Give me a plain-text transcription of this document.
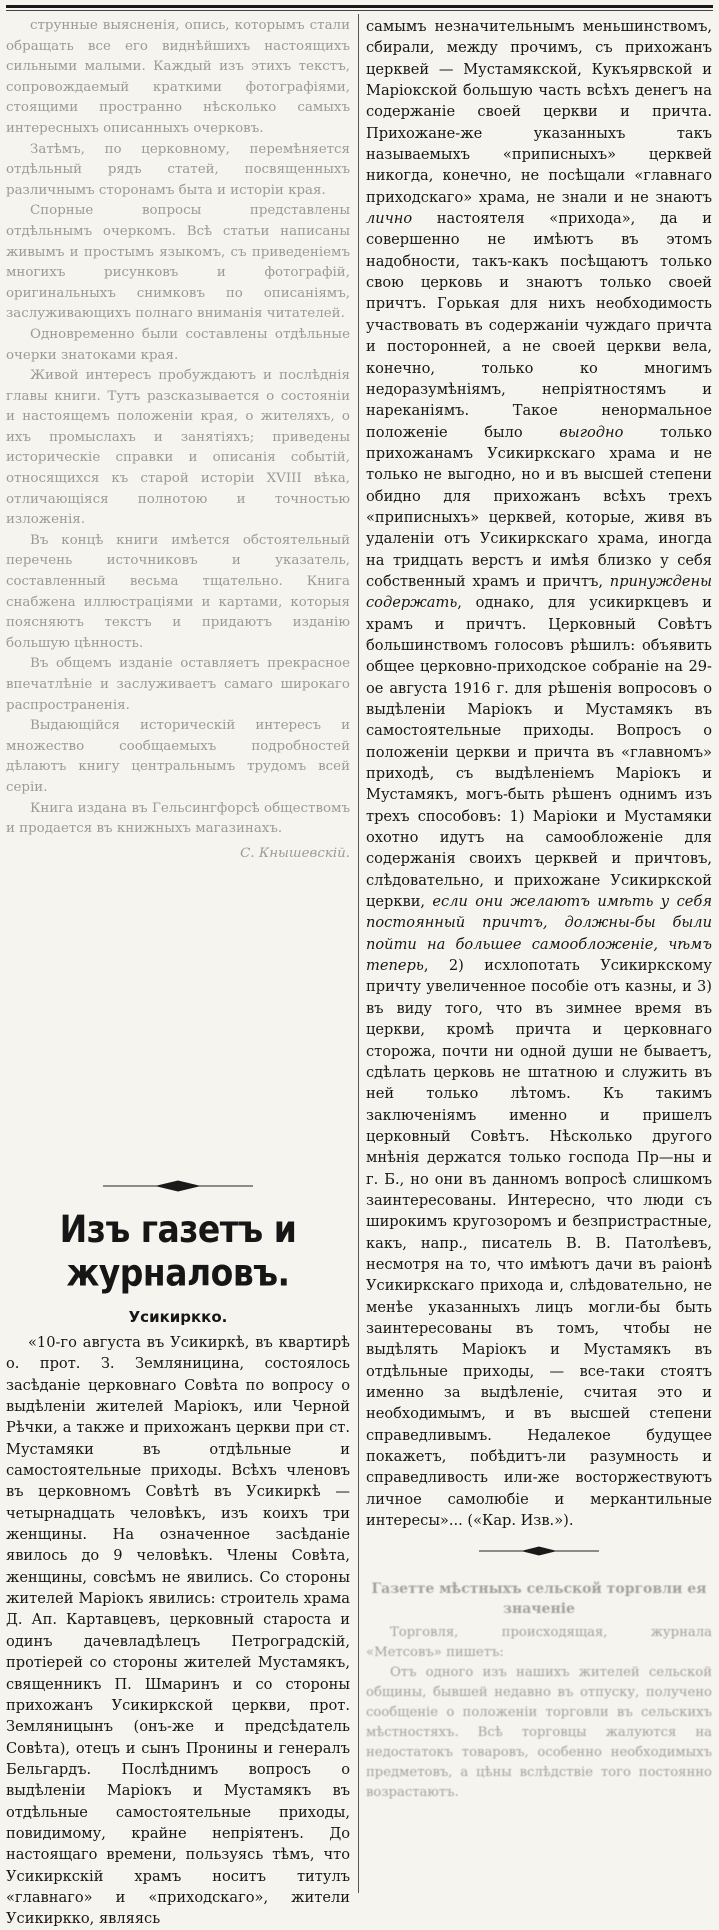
струнные выясненія, опись, которымъ стали обращать все его виднѣйшихъ настоящихъ сильными малыми. Каждый изъ этихъ текстъ, сопровождаемый краткими фотографіями, стоящими пространно нѣсколько самыхъ интересныхъ описанныхъ очерковъ.

Затѣмъ, по церковному, перемѣняется отдѣльный рядъ статей, посвященныхъ различнымъ сторонамъ быта и исторіи края.

Спорные вопросы представлены отдѣльнымъ очеркомъ. Всѣ статьи написаны живымъ и простымъ языкомъ, съ приведеніемъ многихъ рисунковъ и фотографій, оригинальныхъ снимковъ по описаніямъ, заслуживающихъ полнаго вниманія читателей.

Одновременно были составлены отдѣльные очерки знатоками края.

Живой интересъ пробуждаютъ и послѣднія главы книги. Тутъ разсказывается о состояніи и настоящемъ положеніи края, о жителяхъ, о ихъ промыслахъ и занятіяхъ; приведены историческіе справки и описанія событій, относящихся къ старой исторіи XVIII вѣка, отличающіяся полнотою и точностью изложенія.

Въ концѣ книги имѣется обстоятельный перечень источниковъ и указатель, составленный весьма тщательно. Книга снабжена иллюстраціями и картами, которыя поясняютъ текстъ и придаютъ изданію большую цѣнность.

Въ общемъ изданіе оставляетъ прекрасное впечатлѣніе и заслуживаетъ самаго широкаго распространенія.

Выдающійся историческій интересъ и множество сообщаемыхъ подробностей дѣлаютъ книгу центральнымъ трудомъ всей серіи.

Книга издана въ Гельсингфорсѣ обществомъ и продается въ книжныхъ магазинахъ.

С. Кнышевскій.
Изъ газетъ и журналовъ.
Усикиркко.

«10-го августа въ Усикиркѣ, въ квартирѣ о. прот. З. Земляницина, состоялось засѣданіе церковнаго Совѣта по вопросу о выдѣленіи жителей Маріокъ, или Черной Рѣчки, а также и прихожанъ церкви при ст. Мустамяки въ отдѣльные и самостоятельные приходы. Всѣхъ членовъ въ церковномъ Совѣтѣ въ Усикиркѣ — четырнадцать человѣкъ, изъ коихъ три женщины. На означенное засѣданіе явилось до 9 человѣкъ. Члены Совѣта, женщины, совсѣмъ не явились. Со стороны жителей Маріокъ явились: строитель храма Д. Ап. Картавцевъ, церковный староста и одинъ дачевладѣлецъ Петроградскій, протіерей со стороны жителей Мустамякъ, священникъ П. Шмаринъ и со стороны прихожанъ Усикиркской церкви, прот. Земляницынъ (онъ-же и предсѣдатель Совѣта), отецъ и сынъ Пронины и генералъ Бельгардъ. Послѣднимъ вопросъ о выдѣленіи Маріокъ и Мустамякъ въ отдѣльные самостоятельные приходы, повидимому, крайне непріятенъ. До настоящаго времени, пользуясь тѣмъ, что Усикиркскій храмъ носитъ титулъ «главнаго» и «приходскаго», жители Усикиркко, являясь

самымъ незначительнымъ меньшинствомъ, сбирали, между прочимъ, съ прихожанъ церквей — Мустамякской, Кукъярвской и Маріокской большую часть всѣхъ денегъ на содержаніе своей церкви и причта. Прихожане-же указанныхъ такъ называемыхъ «приписныхъ» церквей никогда, конечно, не посѣщали «главнаго приходскаго» храма, не знали и не знаютъ лично настоятеля «прихода», да и совершенно не имѣютъ въ этомъ надобности, такъ-какъ посѣщаютъ только свою церковь и знаютъ только своей причтъ. Горькая для нихъ необходимость участвовать въ содержаніи чуждаго причта и посторонней, а не своей церкви вела, конечно, только ко многимъ недоразумѣніямъ, непріятностямъ и нареканіямъ. Такое ненормальное положеніе было выгодно только прихожанамъ Усикиркскаго храма и не только не выгодно, но и въ высшей степени обидно для прихожанъ всѣхъ трехъ «приписныхъ» церквей, которые, живя въ удаленіи отъ Усикиркскаго храма, иногда на тридцать верстъ и имѣя близко у себя собственный храмъ и причтъ, принуждены содержать, однако, для усикиркцевъ и храмъ и причтъ. Церковный Совѣтъ большинствомъ голосовъ рѣшилъ: объявить общее церковно-приходское собраніе на 29-ое августа 1916 г. для рѣшенія вопросовъ о выдѣленіи Маріокъ и Мустамякъ въ самостоятельные приходы. Вопросъ о положеніи церкви и причта въ «главномъ» приходѣ, съ выдѣленіемъ Маріокъ и Мустамякъ, могъ-быть рѣшенъ однимъ изъ трехъ способовъ: 1) Маріоки и Мустамяки охотно идутъ на самообложеніе для содержанія своихъ церквей и причтовъ, слѣдовательно, и прихожане Усикиркской церкви, если они желаютъ имѣть у себя постоянный причтъ, должны-бы были пойти на большее самообложеніе, чѣмъ теперь, 2) исхлопотать Усикиркскому причту увеличенное пособіе отъ казны, и 3) въ виду того, что въ зимнее время въ церкви, кромѣ причта и церковнаго сторожа, почти ни одной души не бываетъ, сдѣлать церковь не штатною и служить въ ней только лѣтомъ. Къ такимъ заключеніямъ именно и пришелъ церковный Совѣтъ. Нѣсколько другого мнѣнія держатся только господа Пр—ны и г. Б., но они въ данномъ вопросѣ слишкомъ заинтересованы. Интересно, что люди съ широкимъ кругозоромъ и безпристрастные, какъ, напр., писатель В. В. Патолѣевъ, несмотря на то, что имѣютъ дачи въ раіонѣ Усикиркскаго прихода и, слѣдовательно, не менѣе указанныхъ лицъ могли-бы быть заинтересованы въ томъ, чтобы не выдѣлять Маріокъ и Мустамякъ въ отдѣльные приходы, — все-таки стоятъ именно за выдѣленіе, считая это и необходимымъ, и въ высшей степени справедливымъ. Недалекое будущее покажетъ, побѣдитъ-ли разумность и справедливость или-же восторжествуютъ личное самолюбіе и меркантильные интересы»... («Кар. Изв.»).

Газетте мѣстныхъ сельской торговли ея значеніе

Торговля, происходящая, журнала «Метсовъ» пишетъ:

Отъ одного изъ нашихъ жителей сельской общины, бывшей недавно въ отпуску, получено сообщеніе о положеніи торговли въ сельскихъ мѣстностяхъ. Всѣ торговцы жалуются на недостатокъ товаровъ, особенно необходимыхъ предметовъ, а цѣны вслѣдствіе того постоянно возрастаютъ.
